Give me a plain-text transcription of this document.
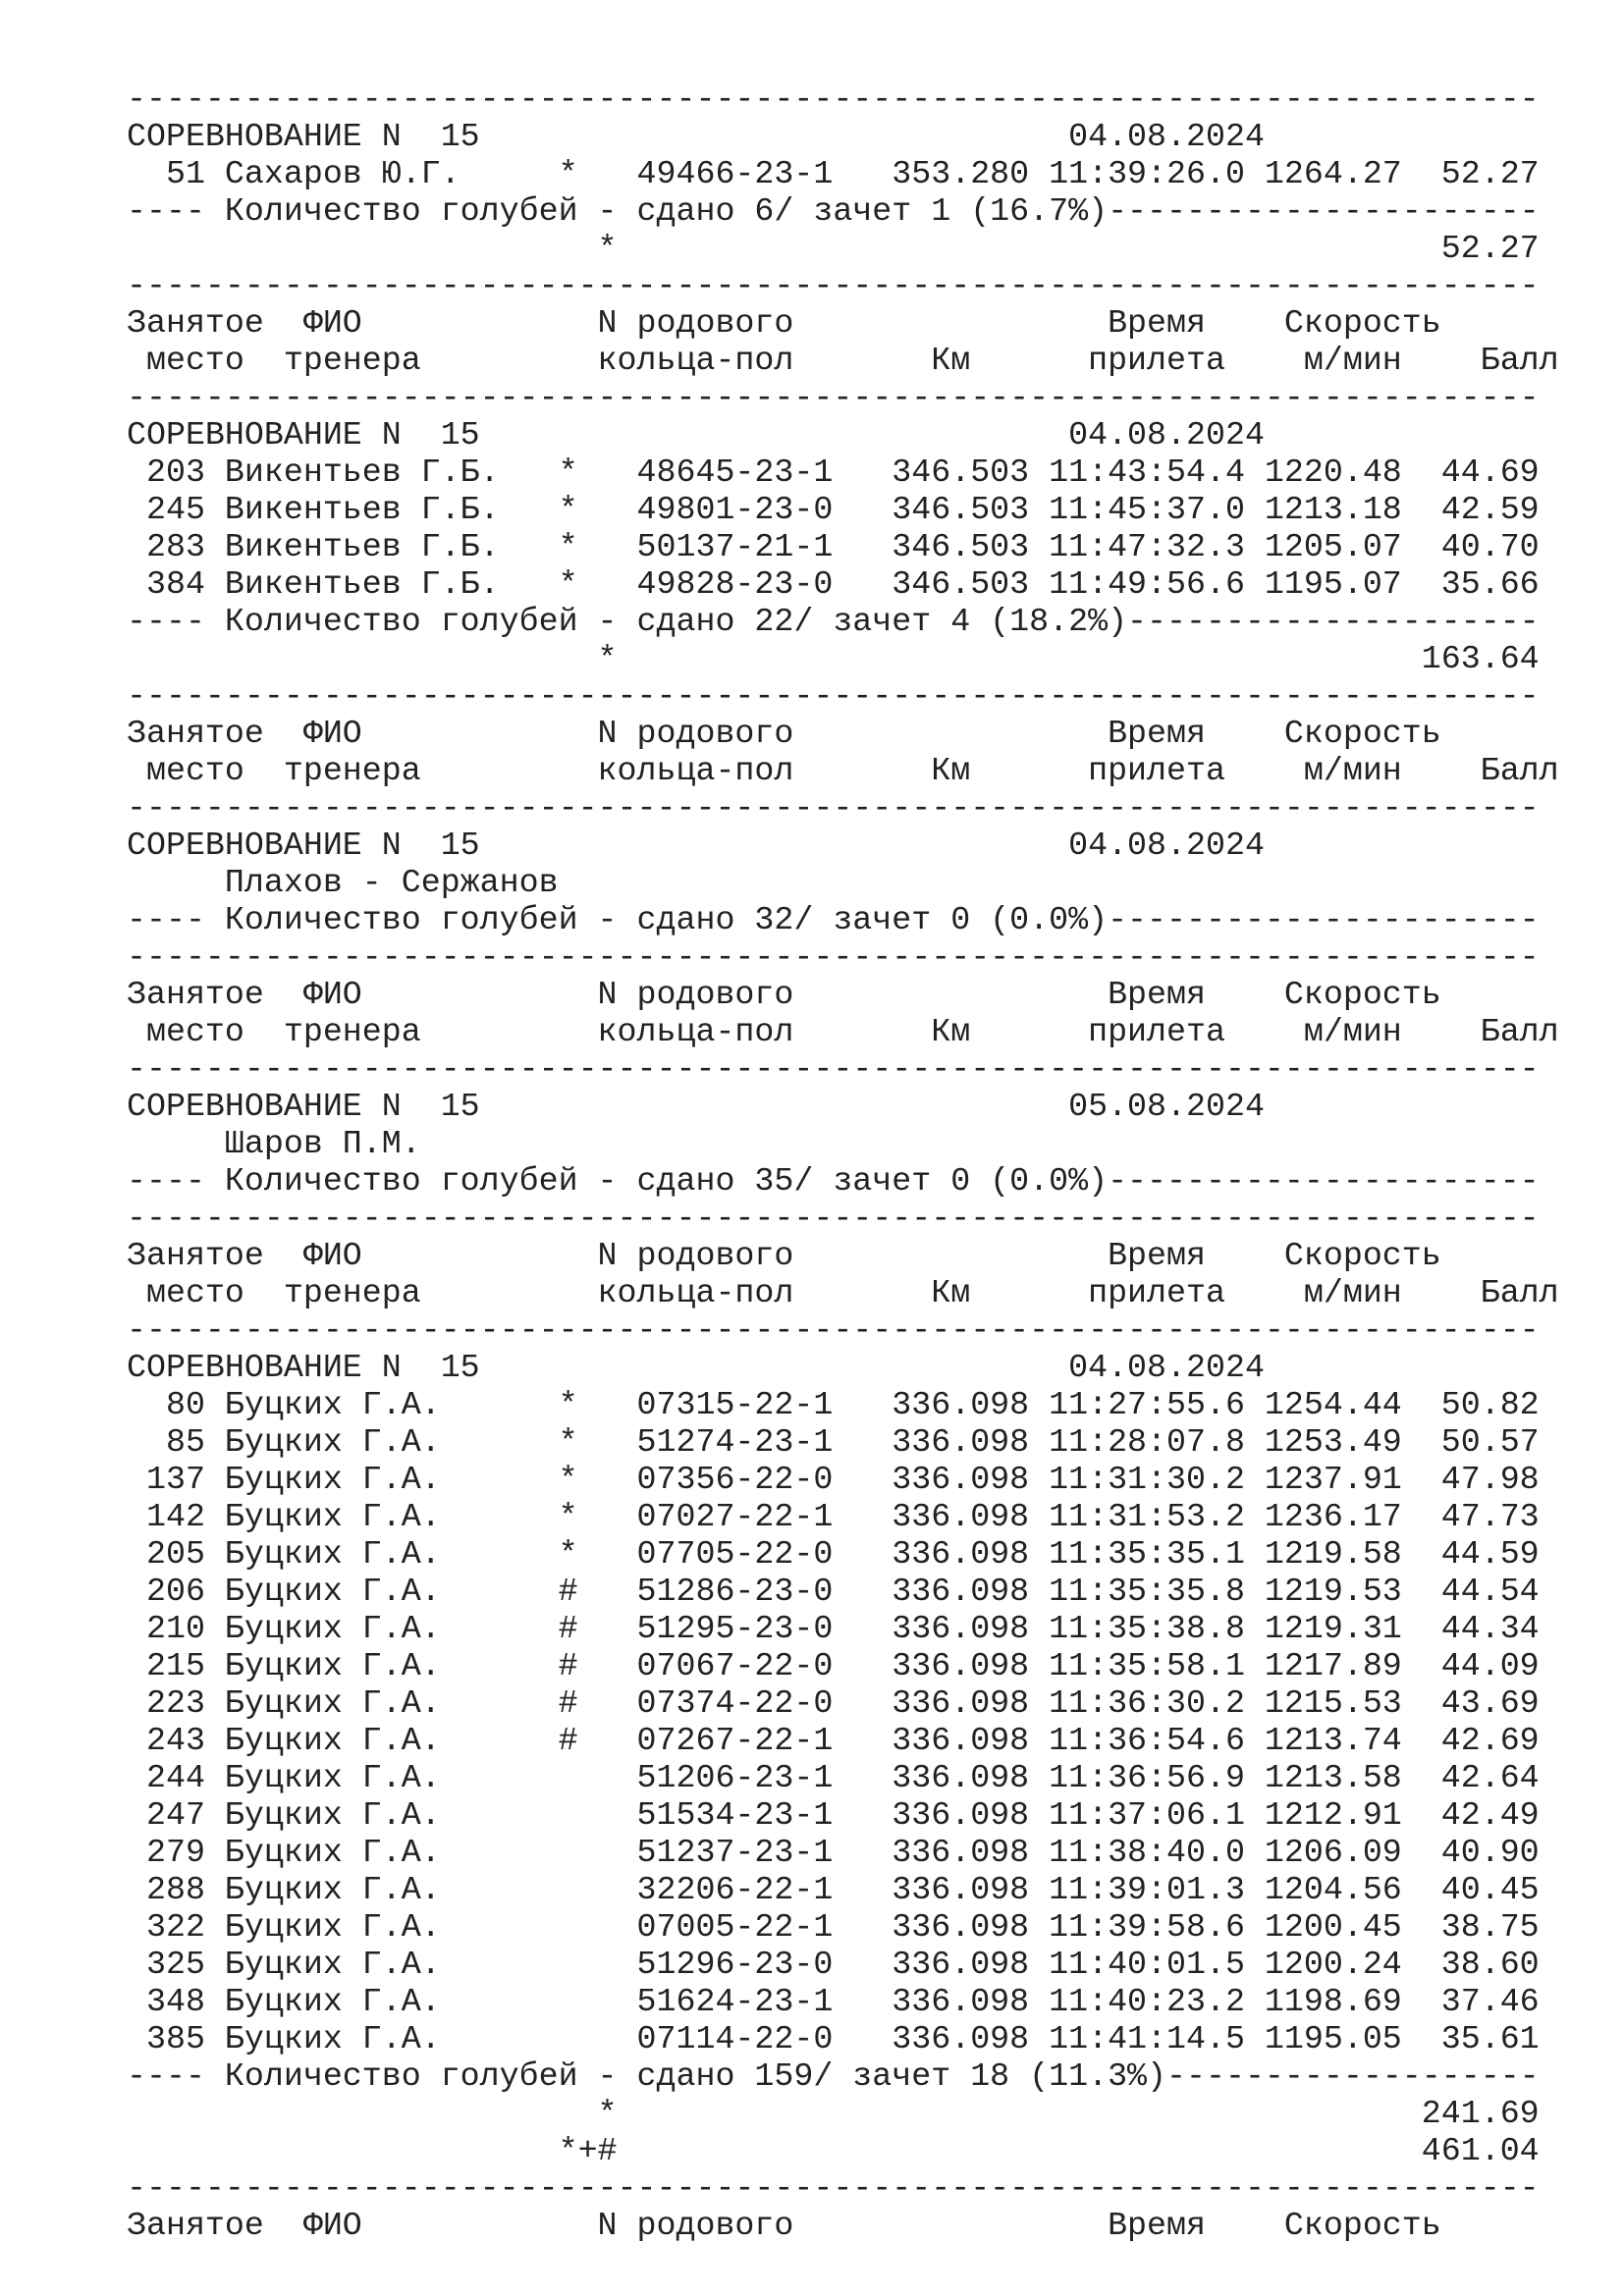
------------------------------------------------------------------------
СОРЕВНОВАНИЕ N  15                              04.08.2024
51 Сахаров Ю.Г.     *   49466-23-1   353.280 11:39:26.0 1264.27  52.27
---- Количество голубей - сдано 6/ зачет 1 (16.7%)----------------------
*                                          52.27
------------------------------------------------------------------------
Занятое  ФИО            N родового                Время    Скорость
место  тренера         кольца-пол       Км      прилета    м/мин    Балл
------------------------------------------------------------------------
СОРЕВНОВАНИЕ N  15                              04.08.2024
203 Викентьев Г.Б.   *   48645-23-1   346.503 11:43:54.4 1220.48  44.69
245 Викентьев Г.Б.   *   49801-23-0   346.503 11:45:37.0 1213.18  42.59
283 Викентьев Г.Б.   *   50137-21-1   346.503 11:47:32.3 1205.07  40.70
384 Викентьев Г.Б.   *   49828-23-0   346.503 11:49:56.6 1195.07  35.66
---- Количество голубей - сдано 22/ зачет 4 (18.2%)---------------------
*                                         163.64
------------------------------------------------------------------------
Занятое  ФИО            N родового                Время    Скорость
место  тренера         кольца-пол       Км      прилета    м/мин    Балл
------------------------------------------------------------------------
СОРЕВНОВАНИЕ N  15                              04.08.2024
Плахов - Сержанов
---- Количество голубей - сдано 32/ зачет 0 (0.0%)----------------------
------------------------------------------------------------------------
Занятое  ФИО            N родового                Время    Скорость
место  тренера         кольца-пол       Км      прилета    м/мин    Балл
------------------------------------------------------------------------
СОРЕВНОВАНИЕ N  15                              05.08.2024
Шаров П.М.
---- Количество голубей - сдано 35/ зачет 0 (0.0%)----------------------
------------------------------------------------------------------------
Занятое  ФИО            N родового                Время    Скорость
место  тренера         кольца-пол       Км      прилета    м/мин    Балл
------------------------------------------------------------------------
СОРЕВНОВАНИЕ N  15                              04.08.2024
80 Буцких Г.А.      *   07315-22-1   336.098 11:27:55.6 1254.44  50.82
85 Буцких Г.А.      *   51274-23-1   336.098 11:28:07.8 1253.49  50.57
137 Буцких Г.А.      *   07356-22-0   336.098 11:31:30.2 1237.91  47.98
142 Буцких Г.А.      *   07027-22-1   336.098 11:31:53.2 1236.17  47.73
205 Буцких Г.А.      *   07705-22-0   336.098 11:35:35.1 1219.58  44.59
206 Буцких Г.А.      #   51286-23-0   336.098 11:35:35.8 1219.53  44.54
210 Буцких Г.А.      #   51295-23-0   336.098 11:35:38.8 1219.31  44.34
215 Буцких Г.А.      #   07067-22-0   336.098 11:35:58.1 1217.89  44.09
223 Буцких Г.А.      #   07374-22-0   336.098 11:36:30.2 1215.53  43.69
243 Буцких Г.А.      #   07267-22-1   336.098 11:36:54.6 1213.74  42.69
244 Буцких Г.А.          51206-23-1   336.098 11:36:56.9 1213.58  42.64
247 Буцких Г.А.          51534-23-1   336.098 11:37:06.1 1212.91  42.49
279 Буцких Г.А.          51237-23-1   336.098 11:38:40.0 1206.09  40.90
288 Буцких Г.А.          32206-22-1   336.098 11:39:01.3 1204.56  40.45
322 Буцких Г.А.          07005-22-1   336.098 11:39:58.6 1200.45  38.75
325 Буцких Г.А.          51296-23-0   336.098 11:40:01.5 1200.24  38.60
348 Буцких Г.А.          51624-23-1   336.098 11:40:23.2 1198.69  37.46
385 Буцких Г.А.          07114-22-0   336.098 11:41:14.5 1195.05  35.61
---- Количество голубей - сдано 159/ зачет 18 (11.3%)-------------------
*                                         241.69
*+#                                         461.04
------------------------------------------------------------------------
Занятое  ФИО            N родового                Время    Скорость
